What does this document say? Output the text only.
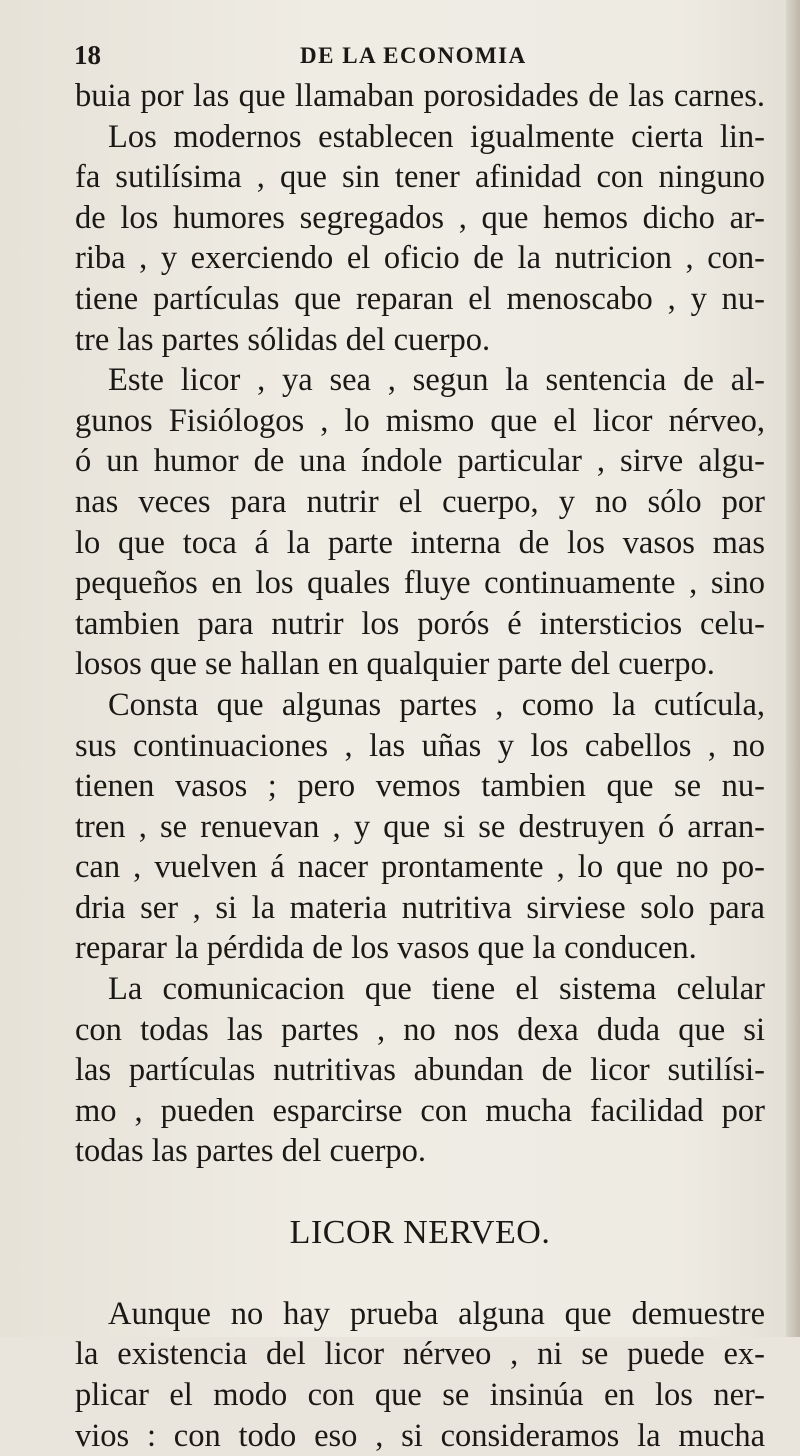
18	DE LA ECONOMIA
buia por las que llamaban porosidades de las carnes.
Los modernos establecen igualmente cierta lin-
fa sutilísima , que sin tener afinidad con ninguno
de los humores segregados , que hemos dicho ar-
riba , y exerciendo el oficio de la nutricion , con-
tiene partículas que reparan el menoscabo , y nu-
tre las partes sólidas del cuerpo.
Este licor , ya sea , segun la sentencia de al-
gunos Fisiólogos , lo mismo que el licor nérveo,
ó un humor de una índole particular , sirve algu-
nas veces para nutrir el cuerpo, y no sólo por
lo que toca á la parte interna de los vasos mas
pequeños en los quales fluye continuamente , sino
tambien para nutrir los porós é intersticios celu-
losos que se hallan en qualquier parte del cuerpo.
Consta que algunas partes , como la cutícula,
sus continuaciones , las uñas y los cabellos , no
tienen vasos ; pero vemos tambien que se nu-
tren , se renuevan , y que si se destruyen ó arran-
can , vuelven á nacer prontamente , lo que no po-
dria ser , si la materia nutritiva sirviese solo para
reparar la pérdida de los vasos que la conducen.
La comunicacion que tiene el sistema celular
con todas las partes , no nos dexa duda que si
las partículas nutritivas abundan de licor sutilísi-
mo , pueden esparcirse con mucha facilidad por
todas las partes del cuerpo.
LICOR NERVEO.
Aunque no hay prueba alguna que demuestre
la existencia del licor nérveo , ni se puede ex-
plicar el modo con que se insinúa en los ner-
vios : con todo eso , si consideramos la mucha
